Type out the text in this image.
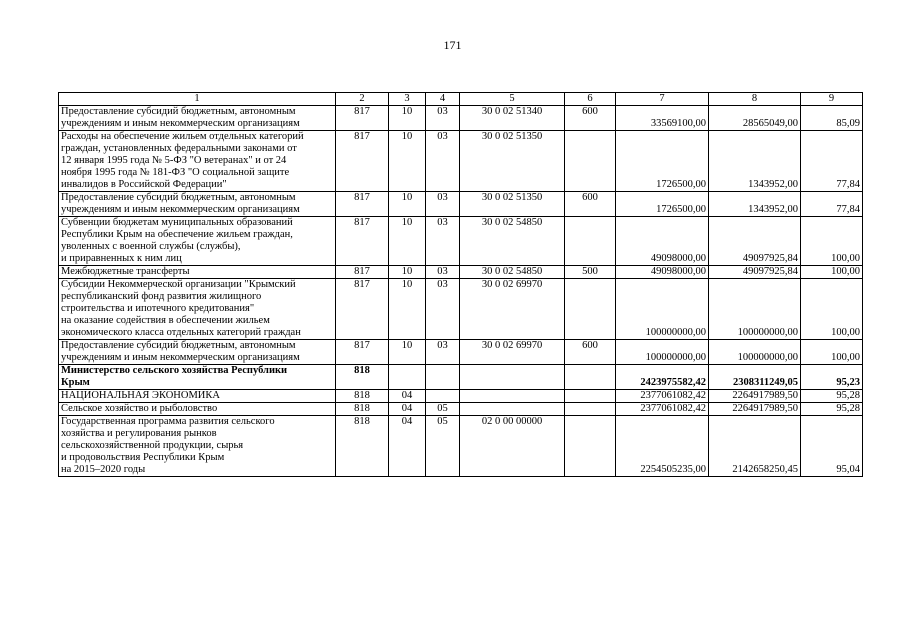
171
1	2	3	4	5	6	7	8	9

Предоставление субсидий бюджетным, автономным
учреждениям и иным некоммерческим организациям	817	10	03	30 0 02 51340	600	33569100,00	28565049,00	85,09

Расходы на обеспечение жильем отдельных категорий
граждан, установленных федеральными законами от
12 января 1995 года № 5-ФЗ "О ветеранах" и от 24
ноября 1995 года № 181-ФЗ "О социальной защите
инвалидов в Российской Федерации"	817	10	03	30 0 02 51350		1726500,00	1343952,00	77,84

Предоставление субсидий бюджетным, автономным
учреждениям и иным некоммерческим организациям	817	10	03	30 0 02 51350	600	1726500,00	1343952,00	77,84

Субвенции бюджетам муниципальных образований
Республики Крым на обеспечение жильем граждан,
уволенных с военной службы (службы),
и приравненных к ним лиц	817	10	03	30 0 02 54850		49098000,00	49097925,84	100,00

Межбюджетные трансферты	817	10	03	30 0 02 54850	500	49098000,00	49097925,84	100,00

Субсидии Некоммерческой организации "Крымский
республиканский фонд развития жилищного
строительства и ипотечного кредитования"
на оказание содействия в обеспечении жильем
экономического класса отдельных категорий граждан	817	10	03	30 0 02 69970		100000000,00	100000000,00	100,00

Предоставление субсидий бюджетным, автономным
учреждениям и иным некоммерческим организациям	817	10	03	30 0 02 69970	600	100000000,00	100000000,00	100,00

Министерство сельского хозяйства Республики
Крым	818					2423975582,42	2308311249,05	95,23

НАЦИОНАЛЬНАЯ ЭКОНОМИКА	818	04				2377061082,42	2264917989,50	95,28

Сельское хозяйство и рыболовство	818	04	05			2377061082,42	2264917989,50	95,28

Государственная программа развития сельского
хозяйства и регулирования рынков
сельскохозяйственной продукции, сырья
и продовольствия Республики Крым
на 2015–2020 годы	818	04	05	02 0 00 00000		2254505235,00	2142658250,45	95,04
